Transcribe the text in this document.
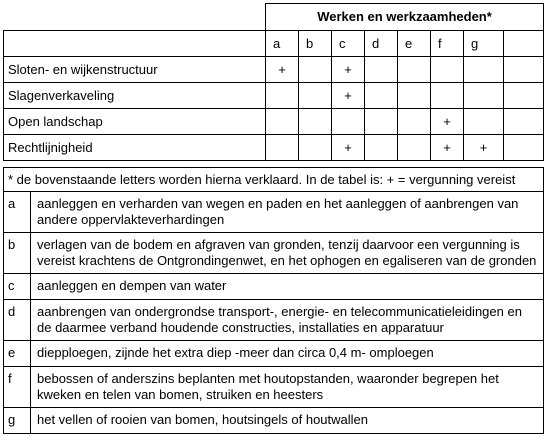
	Werken en werkzaamheden*							
	a	b	c	d	e	f	g	
Sloten- en wijkenstructuur	+		+					
Slagenverkaveling			+					
Open landschap						+		
Rechtlijnigheid			+			+	+	
* de bovenstaande letters worden hierna verklaard. In de tabel is: + = vergunning vereist	
a	aanleggen en verharden van wegen en paden en het aanleggen of aanbrengen van andere oppervlakteverhardingen
b	verlagen van de bodem en afgraven van gronden, tenzij daarvoor een vergunning is vereist krachtens de Ontgrondingenwet, en het ophogen en egaliseren van de gronden
c	aanleggen en dempen van water
d	aanbrengen van ondergrondse transport-, energie- en telecommunicatieleidingen en de daarmee verband houdende constructies, installaties en apparatuur
e	diepploegen, zijnde het extra diep -meer dan circa 0,4 m- omploegen
f	bebossen of anderszins beplanten met houtopstanden, waaronder begrepen het kweken en telen van bomen, struiken en heesters
g	het vellen of rooien van bomen, houtsingels of houtwallen
